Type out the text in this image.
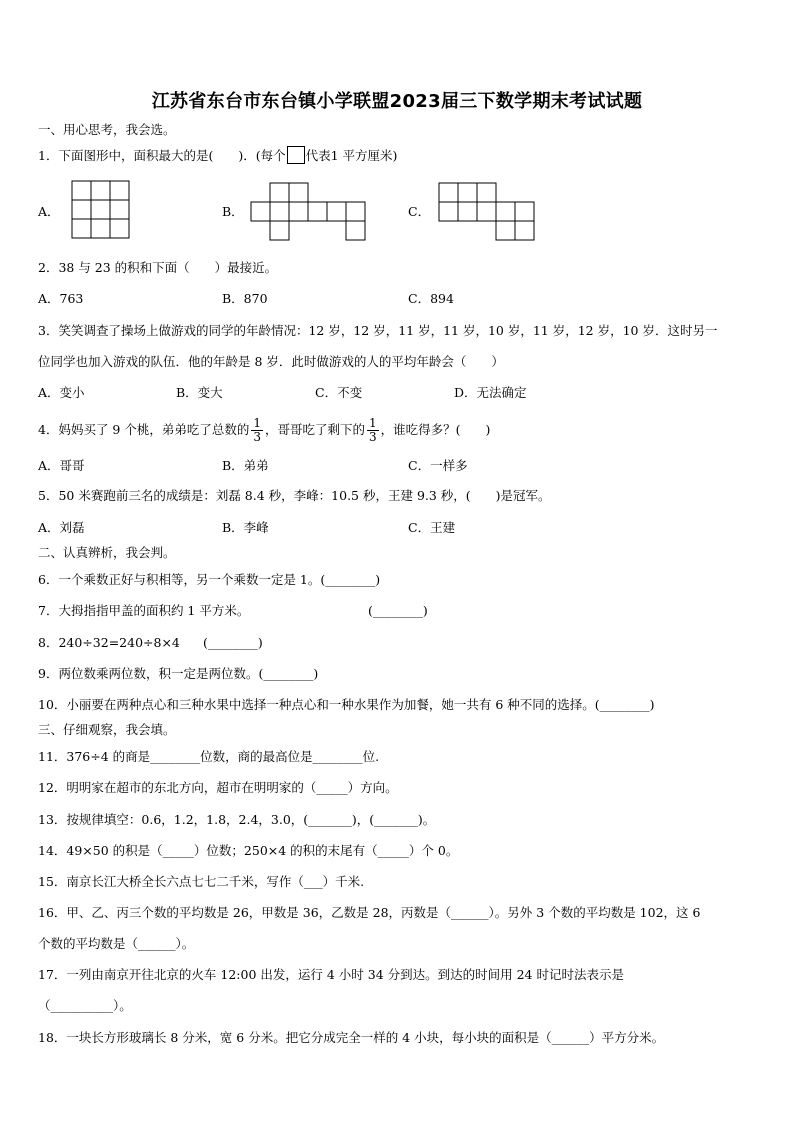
江苏省东台市东台镇小学联盟2023届三下数学期末考试试题
一、用心思考，我会选。
1．下面图形中，面积最大的是(　　)．(每个 代表1 平方厘米)
A．	B．	C．
2．38 与 23 的积和下面（　　）最接近。
A．763	B．870	C．894
3．笑笑调查了操场上做游戏的同学的年龄情况：12 岁，12 岁，11 岁，11 岁，10 岁，11 岁，12 岁，10 岁．这时另一
位同学也加入游戏的队伍．他的年龄是 8 岁．此时做游戏的人的平均年龄会（　　）
A．变小	B．变大	C．不变	D．无法确定
4．妈妈买了 9 个桃，弟弟吃了总数的 $\frac{1}{3}$ ，哥哥吃了剩下的 $\frac{1}{3}$ ，谁吃得多？(　　)
A．哥哥	B．弟弟	C．一样多
5．50 米赛跑前三名的成绩是：刘磊 8.4 秒，李峰：10.5 秒，王建 9.3 秒，(　　)是冠军。
A．刘磊	B．李峰	C．王建
二、认真辨析，我会判。
6．一个乘数正好与积相等，另一个乘数一定是 1。(________)
7．大拇指指甲盖的面积约 1 平方米。	(________)
8．240÷32=240÷8×4 (________)
9．两位数乘两位数，积一定是两位数。(________)
10．小丽要在两种点心和三种水果中选择一种点心和一种水果作为加餐，她一共有 6 种不同的选择。(________)
三、仔细观察，我会填。
11．376÷4 的商是________位数，商的最高位是________位.
12．明明家在超市的东北方向，超市在明明家的（_____）方向。
13．按规律填空：0.6，1.2，1.8，2.4，3.0，(_______)，(_______)。
14．49×50 的积是（_____）位数；250×4 的积的末尾有（_____）个 0。
15．南京长江大桥全长六点七七二千米，写作（___）千米.
16．甲、乙、丙三个数的平均数是 26，甲数是 36，乙数是 28，丙数是（______）。另外 3 个数的平均数是 102，这 6
个数的平均数是（______）。
17．一列由南京开往北京的火车 12:00 出发，运行 4 小时 34 分到达。到达的时间用 24 时记时法表示是
（__________）。
18．一块长方形玻璃长 8 分米，宽 6 分米。把它分成完全一样的 4 小块，每小块的面积是（______）平方分米。
